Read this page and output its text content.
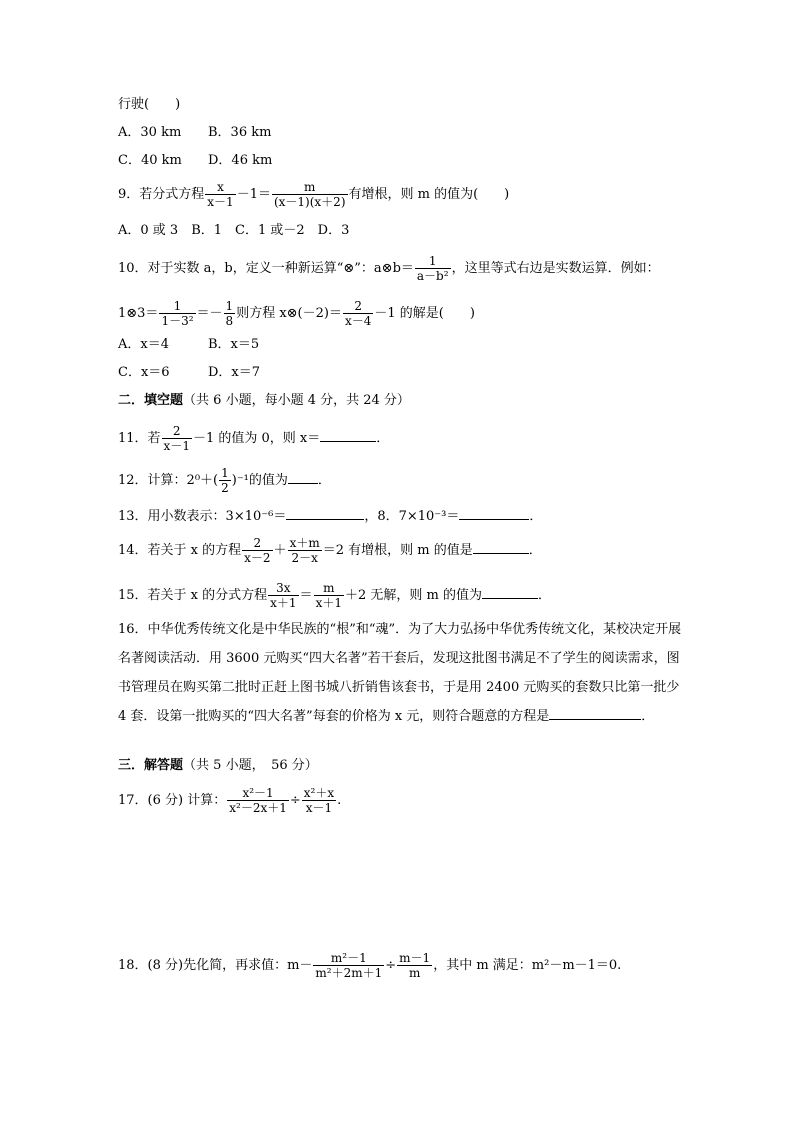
行驶(　　)
A．30 km B．36 km
C．40 km D．46 km
9．若分式方程 $\frac{x}{x-1} -1= \frac{m}{(x-1)(x+2)}$ 有增根，则 m 的值为(　　)
A．0 或 3　B．1　C．1 或－2　D．3
10．对于实数 a，b，定义一种新运算“⊗”：a⊗b＝ $\frac{1}{\text{a－b²}}$ ，这里等式右边是实数运算．例如：
1⊗3＝ $\frac{1}{\text{1－3²}} =- \frac{1}{8}$ 则方程 x⊗(－2)＝ $\frac{2}{x-4} -1$ 的解是(　　)
A．x＝4	B．x＝5
C．x＝6	D．x＝7
二．填空题（共 6 小题，每小题 4 分，共 24 分）
11．若 $\frac{2}{x-1} -1$ 的值为 0，则 x＝	．
12．计算：$2^0+( \frac{1}{2} )^{-1}$的值为 ．
13．用小数表示：3×10⁻⁶＝	，8．7×10⁻³＝	．
14．若关于 x 的方程 $\frac{2}{x-2} + \frac{x+m}{2-x} =2$ 有增根，则 m 的值是	．
15．若关于 x 的分式方程 $\frac{3x}{x+1} = \frac{m}{x+1} +2$ 无解，则 m 的值为	．
16．中华优秀传统文化是中华民族的“根”和“魂”．为了大力弘扬中华优秀传统文化，某校决定开展名著阅读活动．用 3600 元购买“四大名著”若干套后，发现这批图书满足不了学生的阅读需求，图书管理员在购买第二批时正赶上图书城八折销售该套书，于是用 2400 元购买的套数只比第一批少 4 套．设第一批购买的“四大名著”每套的价格为 x 元，则符合题意的方程是	．
三．解答题（共 5 小题，　56 分）
17．(6 分) 计算： $\frac{\text{x²－1}}{\text{x²－2x＋1}} \div \frac{\text{x²＋x}}{x-1}$ .
18．(8 分)先化简，再求值：$m- \frac{\text{m²－1}}{\text{m²＋2m＋1}} \div \frac{m-1}{m}$ ，其中 m 满足：m²－m－1＝0.
